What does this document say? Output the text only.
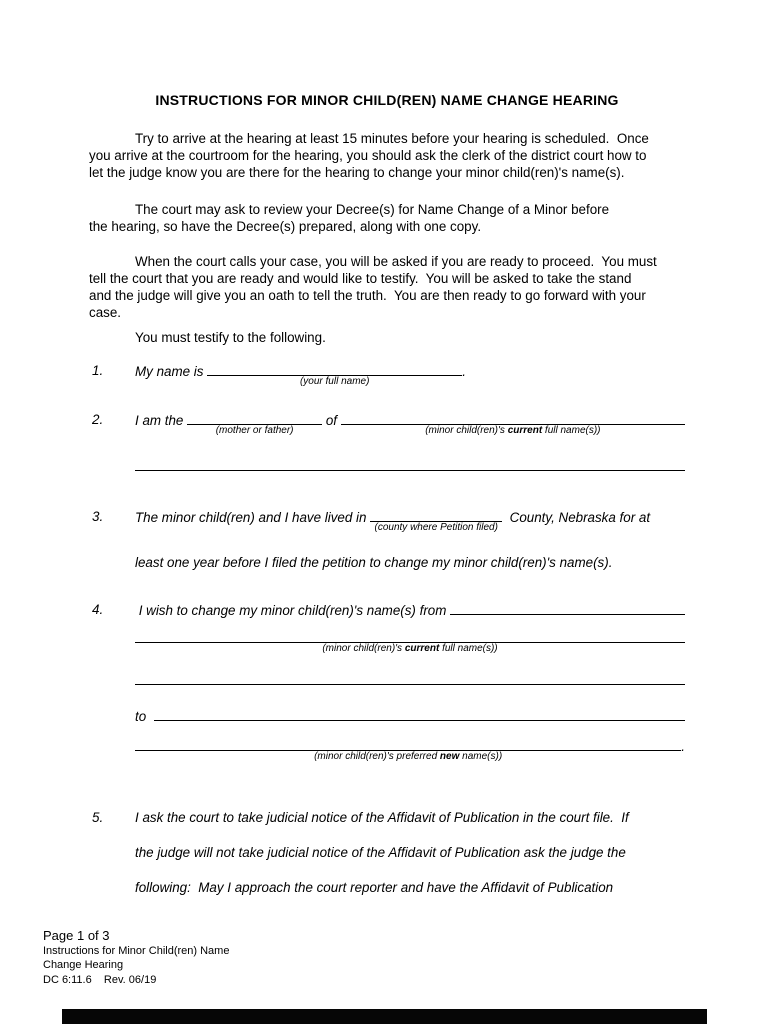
INSTRUCTIONS FOR MINOR CHILD(REN) NAME CHANGE HEARING

Try to arrive at the hearing at least 15 minutes before your hearing is scheduled.  Once
you arrive at the courtroom for the hearing, you should ask the clerk of the district court how to
let the judge know you are there for the hearing to change your minor child(ren)'s name(s).

The court may ask to review your Decree(s) for Name Change of a Minor before
the hearing, so have the Decree(s) prepared, along with one copy.

When the court calls your case, you will be asked if you are ready to proceed.  You must
tell the court that you are ready and would like to testify.  You will be asked to take the stand
and the judge will give you an oath to tell the truth.  You are then ready to go forward with your
case.

You must testify to the following.

1.	My name is
(your full name)
.
2.	I am the
(mother or father)
of
(minor child(ren)'s current full name(s))
3.	The minor child(ren) and I have lived in
(county where Petition filed)
County, Nebraska for at
least one year before I filed the petition to change my minor child(ren)'s name(s).
4.	I wish to change my minor child(ren)'s name(s) from
(minor child(ren)'s current full name(s))
to
(minor child(ren)'s preferred new name(s))
.
5.	I ask the court to take judicial notice of the Affidavit of Publication in the court file.  If
the judge will not take judicial notice of the Affidavit of Publication ask the judge the
following:  May I approach the court reporter and have the Affidavit of Publication
Page 1 of 3
Instructions for Minor Child(ren) Name
Change Hearing
DC 6:11.6    Rev. 06/19
